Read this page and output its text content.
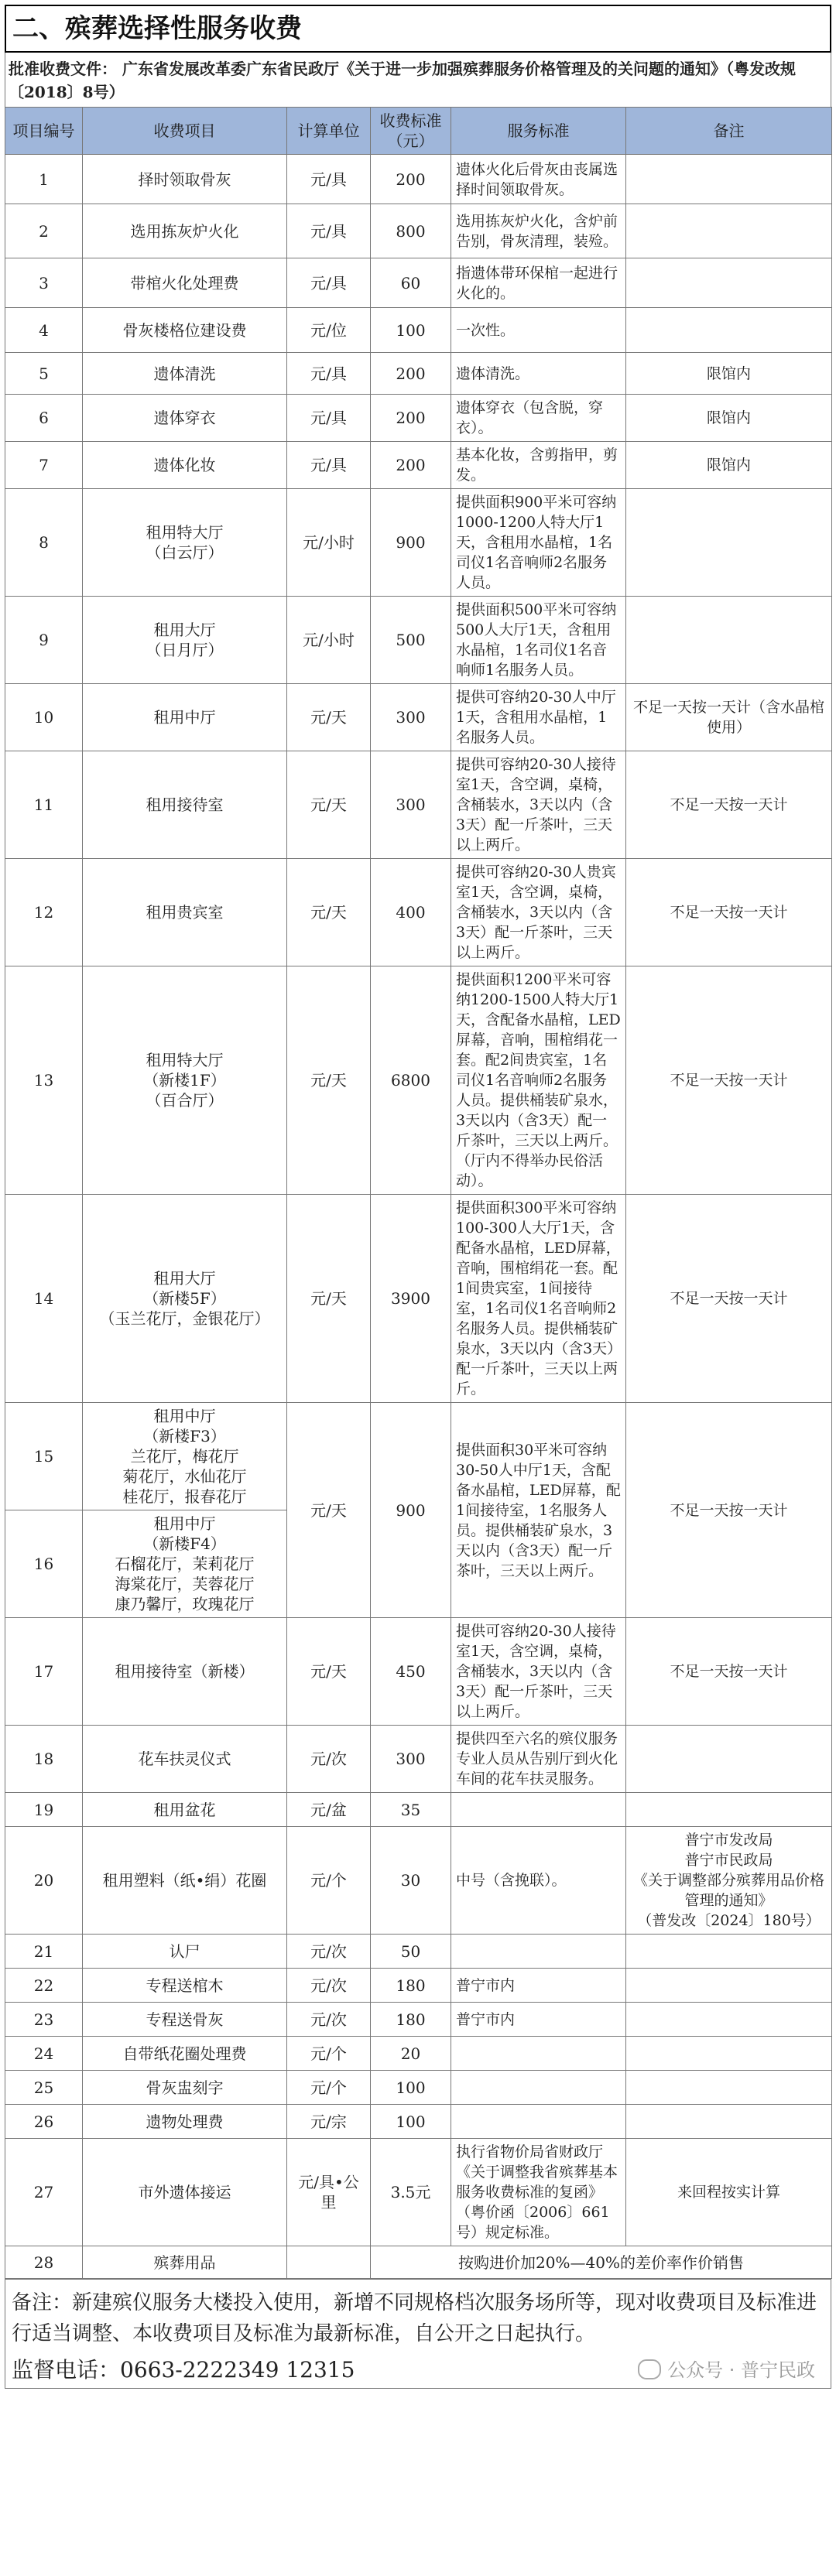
二、殡葬选择性服务收费
批准收费文件： 广东省发展改革委广东省民政厅《关于进一步加强殡葬服务价格管理及的关问题的通知》（粤发改规〔2018〕8号）
项目编号	收费项目	计算单位	收费标准（元）	服务标准	备注
1	择时领取骨灰	元/具	200	遗体火化后骨灰由丧属选择时间领取骨灰。	
2	选用拣灰炉火化	元/具	800	选用拣灰炉火化，含炉前告别，骨灰清理，装殓。	
3	带棺火化处理费	元/具	60	指遗体带环保棺一起进行火化的。	
4	骨灰楼格位建设费	元/位	100	一次性。	
5	遗体清洗	元/具	200	遗体清洗。	限馆内
6	遗体穿衣	元/具	200	遗体穿衣（包含脱，穿衣）。	限馆内
7	遗体化妆	元/具	200	基本化妆，含剪指甲，剪发。	限馆内
8	租用特大厅
（白云厅）	元/小时	900	提供面积900平米可容纳1000-1200人特大厅1天，含租用水晶棺，1名司仪1名音响师2名服务人员。	
9	租用大厅
（日月厅）	元/小时	500	提供面积500平米可容纳500人大厅1天，含租用水晶棺，1名司仪1名音响师1名服务人员。	
10	租用中厅	元/天	300	提供可容纳20-30人中厅1天，含租用水晶棺，1名服务人员。	不足一天按一天计（含水晶棺使用）
11	租用接待室	元/天	300	提供可容纳20-30人接待室1天，含空调，桌椅，含桶装水，3天以内（含3天）配一斤茶叶，三天以上两斤。	不足一天按一天计
12	租用贵宾室	元/天	400	提供可容纳20-30人贵宾室1天，含空调，桌椅，含桶装水，3天以内（含3天）配一斤茶叶，三天以上两斤。	不足一天按一天计
13	租用特大厅
（新楼1F）
（百合厅）	元/天	6800	提供面积1200平米可容纳1200-1500人特大厅1天，含配备水晶棺，LED屏幕，音响，围棺绢花一套。配2间贵宾室，1名司仪1名音响师2名服务人员。提供桶装矿泉水，3天以内（含3天）配一斤茶叶，三天以上两斤。（厅内不得举办民俗活动）。	不足一天按一天计
14	租用大厅
（新楼5F）
（玉兰花厅，金银花厅）	元/天	3900	提供面积300平米可容纳100-300人大厅1天，含配备水晶棺，LED屏幕，音响，围棺绢花一套。配1间贵宾室，1间接待室，1名司仪1名音响师2名服务人员。提供桶装矿泉水，3天以内（含3天）配一斤茶叶，三天以上两斤。	不足一天按一天计
15	租用中厅
（新楼F3）
兰花厅，梅花厅
菊花厅，水仙花厅
桂花厅，报春花厅	元/天	900	提供面积30平米可容纳30-50人中厅1天，含配备水晶棺，LED屏幕，配1间接待室，1名服务人员。提供桶装矿泉水，3天以内（含3天）配一斤茶叶，三天以上两斤。	不足一天按一天计
16	租用中厅
（新楼F4）
石榴花厅，茉莉花厅
海棠花厅，芙蓉花厅
康乃馨厅，玫瑰花厅				
17	租用接待室（新楼）	元/天	450	提供可容纳20-30人接待室1天，含空调，桌椅，含桶装水，3天以内（含3天）配一斤茶叶，三天以上两斤。	不足一天按一天计
18	花车扶灵仪式	元/次	300	提供四至六名的殡仪服务专业人员从告别厅到火化车间的花车扶灵服务。	
19	租用盆花	元/盆	35		
20	租用塑料（纸•绢）花圈	元/个	30	中号（含挽联）。	普宁市发改局
普宁市民政局
《关于调整部分殡葬用品价格管理的通知》
（普发改〔2024〕180号）
21	认尸	元/次	50		
22	专程送棺木	元/次	180	普宁市内	
23	专程送骨灰	元/次	180	普宁市内	
24	自带纸花圈处理费	元/个	20		
25	骨灰盅刻字	元/个	100		
26	遗物处理费	元/宗	100		
27	市外遗体接运	元/具•公里	3.5元	执行省物价局省财政厅《关于调整我省殡葬基本服务收费标准的复函》（粤价函〔2006〕661号）规定标准。	来回程按实计算
28	殡葬用品		按购进价加20%—40%的差价率作价销售		
备注：新建殡仪服务大楼投入使用，新增不同规格档次服务场所等，现对收费项目及标准进行适当调整、本收费项目及标准为最新标准，自公开之日起执行。
监督电话：0663-2222349 12315	公众号 · 普宁民政
